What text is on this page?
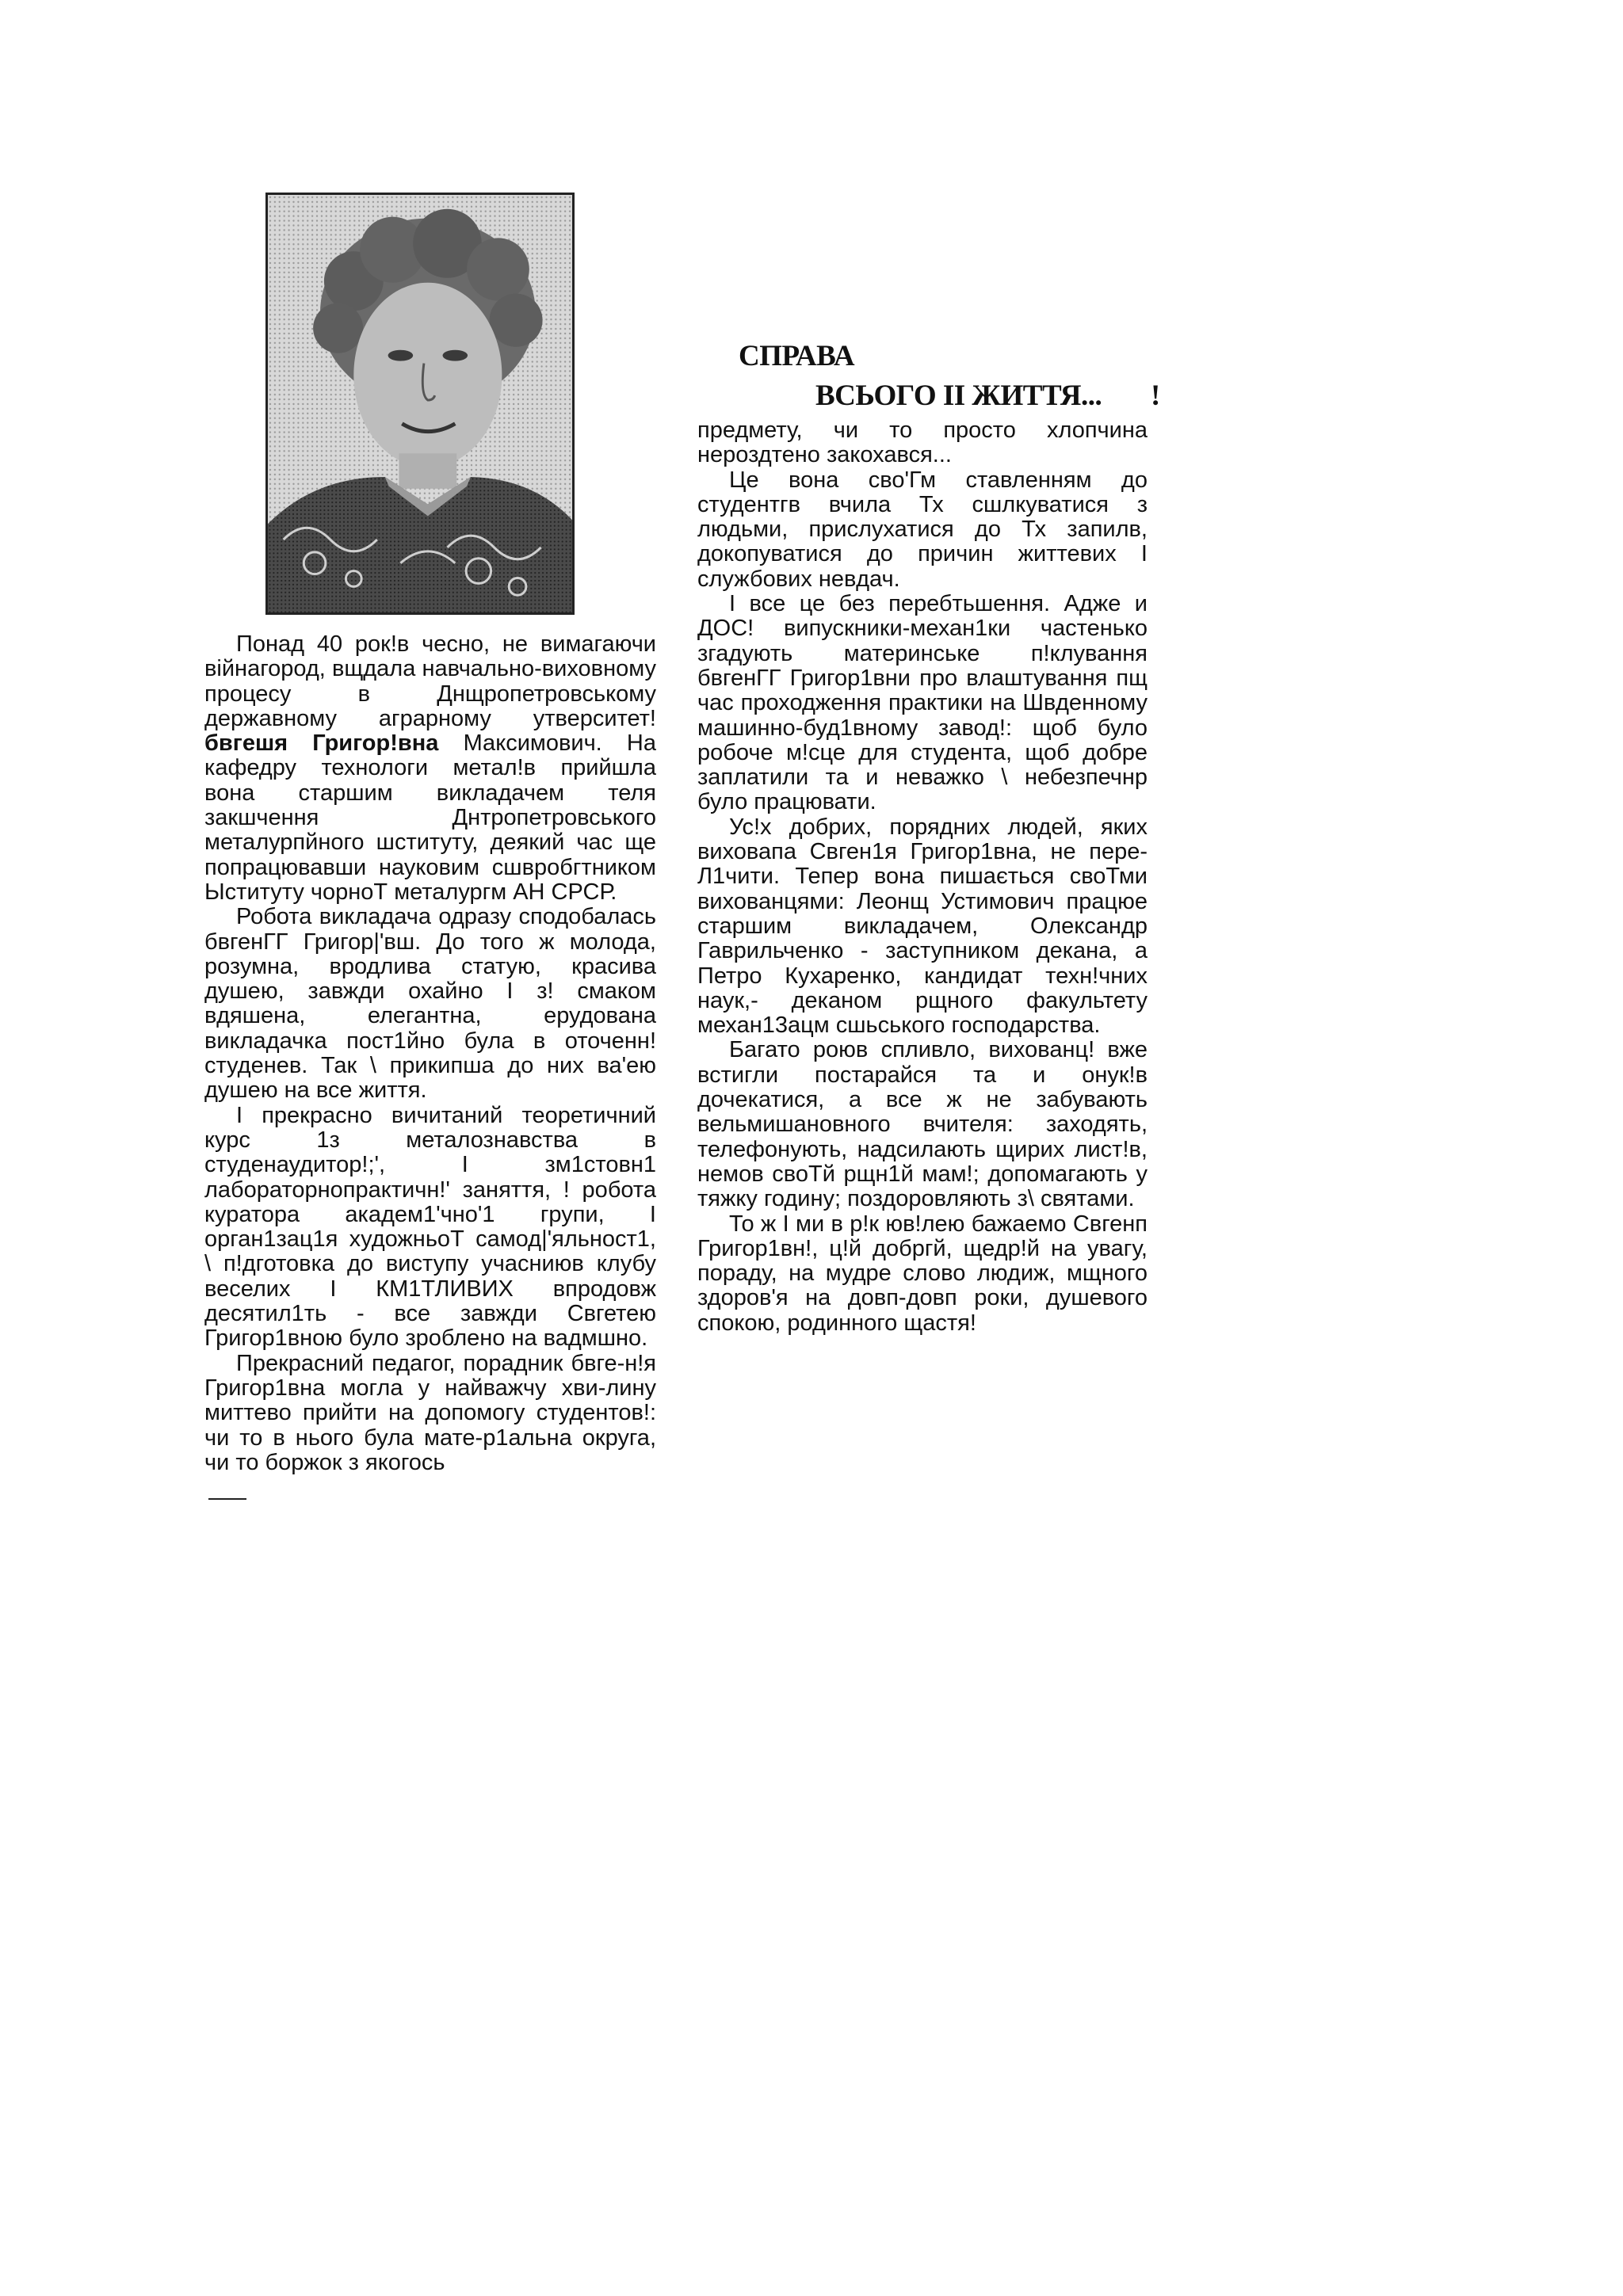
СПРАВА
ВСЬОГО II ЖИТТЯ... !

Понад 40 рок!в чесно, не вимагаючи війнагород, вщдала навчально-виховному процесу в Днщропетровському державному аграрному утверситет! бвгешя Григор!вна Максимович. На кафедру технологи метал!в прийшла вона старшим викладачем теля закшчення Днтропетровського металурпйного шституту, деякий час ще попрацювавши науковим сшвробгтником Ыституту чорноТ металургм АН СРСР.

Робота викладача одразу сподобалась бвгенГГ Григор|'вш. До того ж молода, розумна, вродлива статую, красива душею, завжди охайно І з! смаком вдяшена, елегантна, ерудована викладачка пост1йно була в оточенн! студенев. Так \ прикипша до них ва'ею душею на все життя.

І прекрасно вичитаний теоретичний курс 1з металознавства в студенаудитор!;', І зм1стовн1 лабораторнопрактичн!' заняття, ! робота куратора академ1'чно'1 групи, І орган1зац1я художньоТ самод|'яльност1, \ п!дготовка до виступу учасниюв клубу веселих І КМ1ТЛИВИХ впродовж десятил1ть - все завжди Свгетею Григор1вною було зроблено на вадмшно.

Прекрасний педагог, порадник бвге-н!я Григор1вна могла у найважчу хви-лину миттево прийти на допомогу студентов!: чи то в нього була мате-р1альна округа, чи то боржок з якогось

предмету, чи то просто хлопчина нероздтено закохався...

Це вона сво'Гм ставленням до студентгв вчила Тх сшлкуватися з людьми, прислухатися до Тх запилв, докопуватися до причин життевих І службових невдач.

І все це без перебтьшення. Адже и ДОС! випускники-механ1ки частенько згадують материнське п!клування бвгенГГ Григор1вни про влаштування пщ час проходження практики на Швденному машинно-буд1вному завод!: щоб було робоче м!сце для студента, щоб добре заплатили та и неважко \ небезпечнр було працювати.

Ус!х добрих, порядних людей, яких виховапа Свген1я Григор1вна, не пере-Л1чити. Тепер вона пишається своТми вихованцями: Леонщ Устимович працюе старшим викладачем, Олександр Гаврильченко - заступником декана, а Петро Кухаренко, кандидат техн!чних наук,- деканом рщного факультету механ13ацм сшьського господарства.

Багато роюв спливло, вихованц! вже встигли постарайся та и онук!в дочекатися, а все ж не забувають вельмишановного вчителя: заходять, телефонують, надсилають щирих лист!в, немов своТй рщн1й мам!; допомагають у тяжку годину; поздоровляють з\ святами.

То ж І ми в р!к юв!лею бажаемо Свгенп Григор1вн!, ц!й добргй, щедр!й на увагу, пораду, на мудре слово людиж, мщного здоров'я на довп-довп роки, душевого спокою, родинного щастя!
